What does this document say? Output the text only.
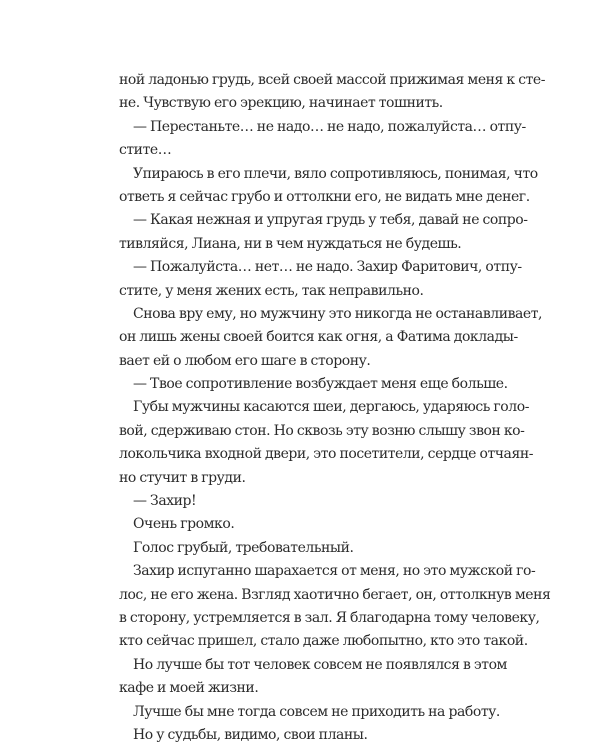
ной ладонью грудь, всей своей массой прижимая меня к сте-
не. Чувствую его эрекцию, начинает тошнить.
— Перестаньте… не надо… не надо, пожалуйста… отпу-
стите…
Упираюсь в его плечи, вяло сопротивляюсь, понимая, что
ответь я сейчас грубо и оттолкни его, не видать мне денег.
— Какая нежная и упругая грудь у тебя, давай не сопро-
тивляйся, Лиана, ни в чем нуждаться не будешь.
— Пожалуйста… нет… не надо. Захир Фаритович, отпу-
стите, у меня жених есть, так неправильно.
Снова вру ему, но мужчину это никогда не останавливает,
он лишь жены своей боится как огня, а Фатима доклады-
вает ей о любом его шаге в сторону.
— Твое сопротивление возбуждает меня еще больше.
Губы мужчины касаются шеи, дергаюсь, ударяюсь голо-
вой, сдерживаю стон. Но сквозь эту возню слышу звон ко-
локольчика входной двери, это посетители, сердце отчаян-
но стучит в груди.
— Захир!
Очень громко.
Голос грубый, требовательный.
Захир испуганно шарахается от меня, но это мужской го-
лос, не его жена. Взгляд хаотично бегает, он, оттолкнув меня
в сторону, устремляется в зал. Я благодарна тому человеку,
кто сейчас пришел, стало даже любопытно, кто это такой.
Но лучше бы тот человек совсем не появлялся в этом
кафе и моей жизни.
Лучше бы мне тогда совсем не приходить на работу.
Но у судьбы, видимо, свои планы.
